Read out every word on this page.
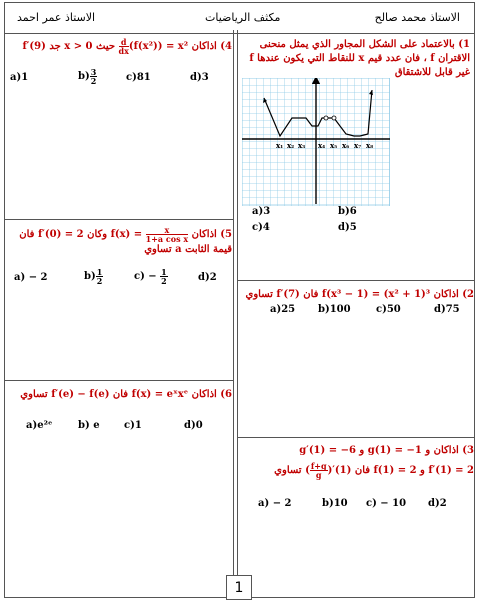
الاستاذ محمد صالح
مكثف الرياضيات
الاستاذ عمر احمد
1) بالاعتماد على الشكل المجاور الذي يمثل منحنى الاقتران f ، فان عدد قيم x للنقاط التي يكون عندها f غير قابل للاشتقاق
x₁ x₂ x₃ x₄ x₅ x₆ x₇ x₈
a)3	b)6
c)4	d)5
2) اذاكان f(x³ − 1) = (x² + 1)³ فان f′(7) تساوي
a)25 b)100	c)50	d)75
3) اذاكان g′(1) = −6 و g(1) = −1 و
f(1) = 2 و f′(1) = 2 فان ( $\frac{f+g}{g} )'(1)$ تساوي
a) − 2	b)10 c) − 10 d)2
4) اذاكان
$\frac{d}{dx} (f(x^2)) = x^2$ حيث x > 0 جد f′(9)
a)1	$b) \frac{3}{2}$	c)81	d)3
5) اذاكان $f(x) = \frac{x}{\text{1+a cos x}}$
وكان f′(0) = 2 فان قيمة الثابت a تساوي
a) − 2	$b) \frac{1}{2}$	$c) - \frac{1}{2}$	d)2
6) اذاكان f(x) = eˣxᵉ فان f′(e) − f(e) تساوي
a)e²ᵉ	b) e c)1	d)0
1
